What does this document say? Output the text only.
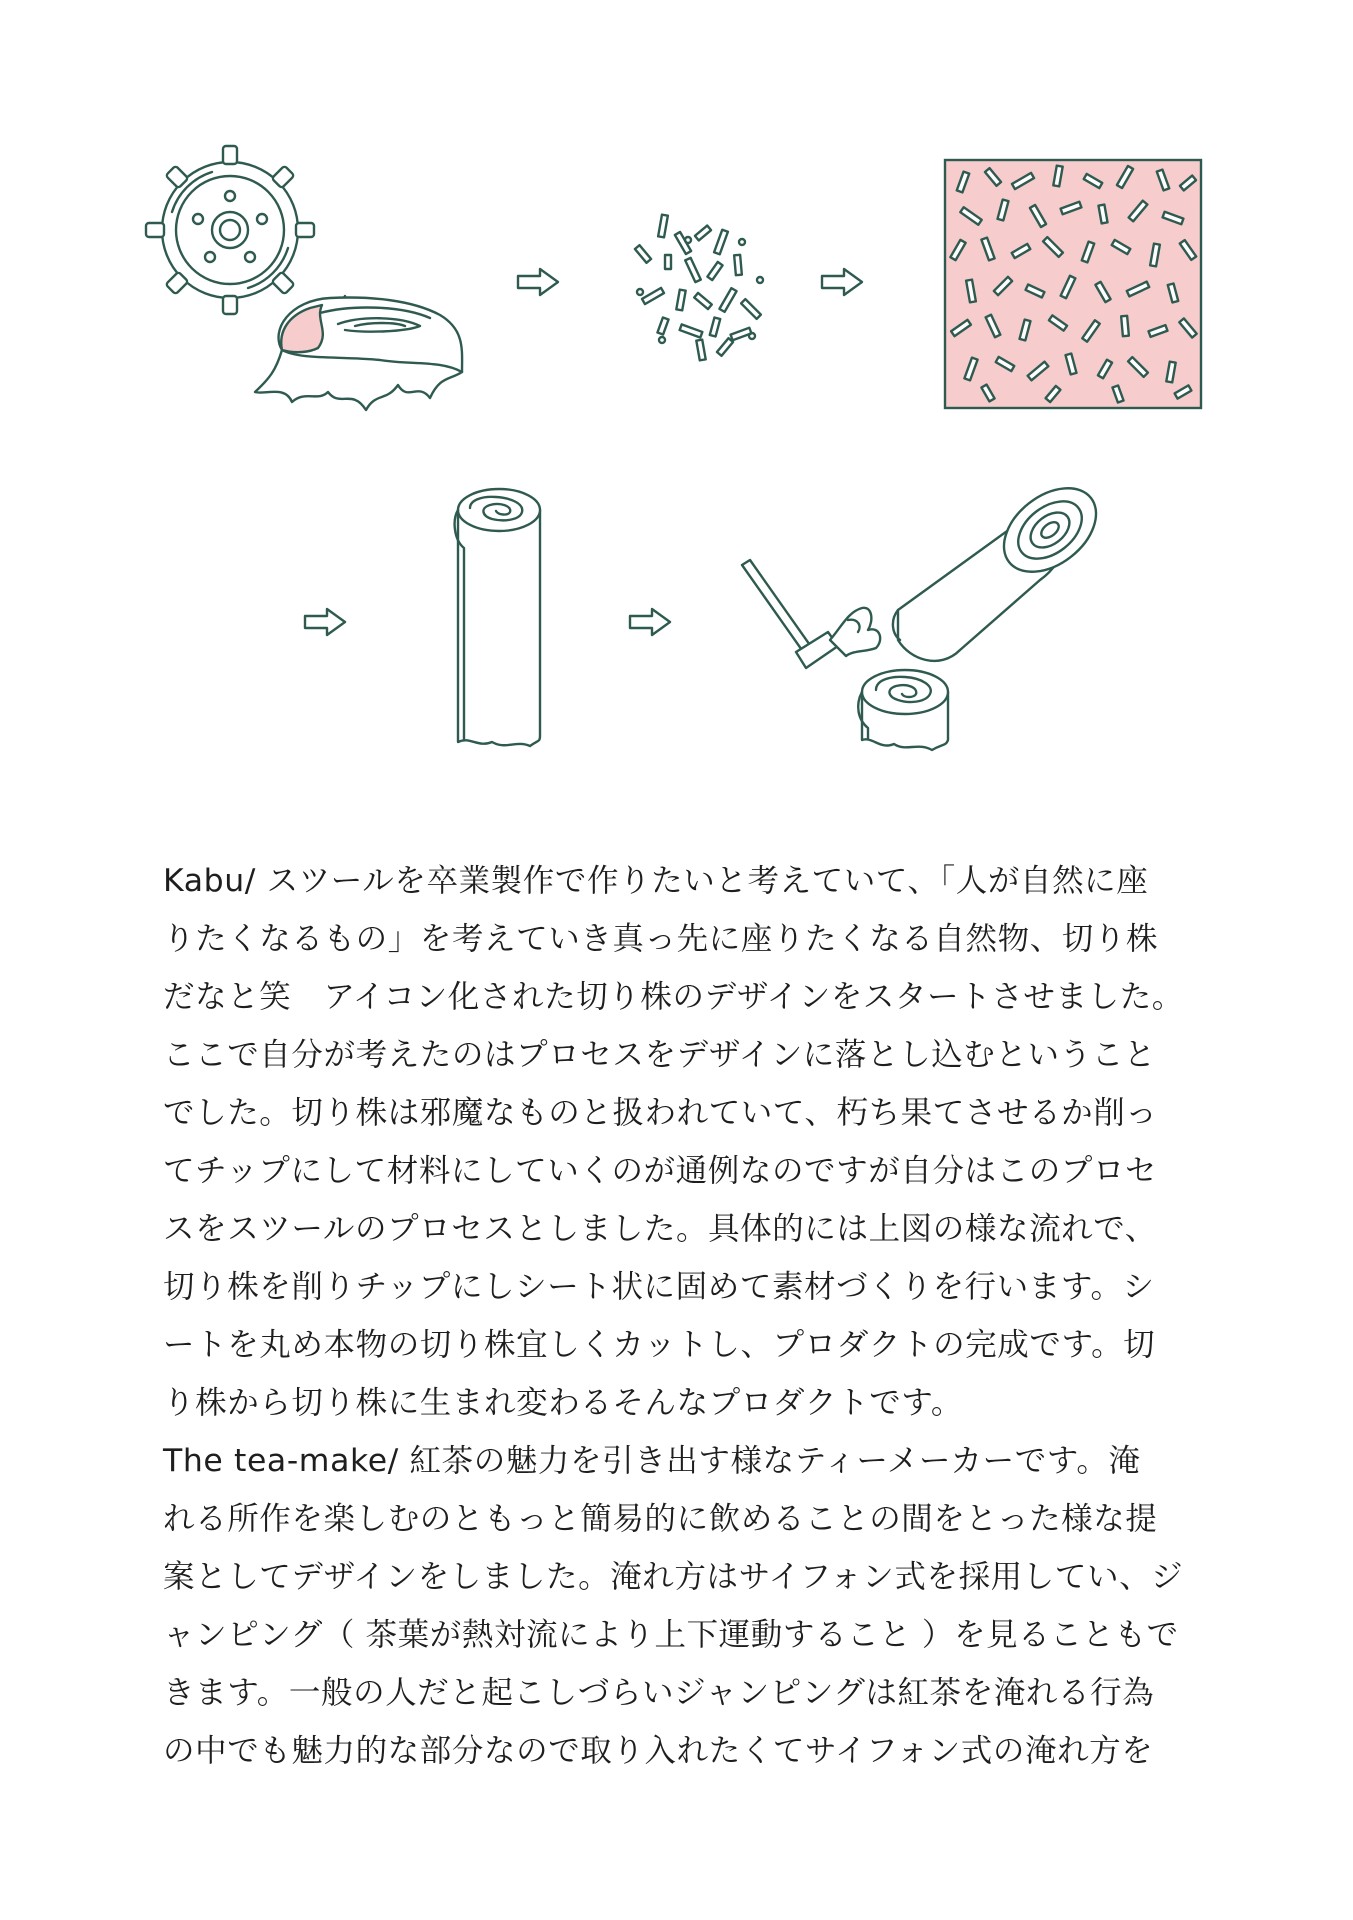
Kabu/ スツールを卒業製作で作りたいと考えていて、「人が自然に座
りたくなるもの」を考えていき真っ先に座りたくなる自然物、切り株
だなと笑　アイコン化された切り株のデザインをスタートさせました。
ここで自分が考えたのはプロセスをデザインに落とし込むということ
でした。切り株は邪魔なものと扱われていて、朽ち果てさせるか削っ
てチップにして材料にしていくのが通例なのですが自分はこのプロセ
スをスツールのプロセスとしました。具体的には上図の様な流れで、
切り株を削りチップにしシート状に固めて素材づくりを行います。シ
ートを丸め本物の切り株宜しくカットし、プロダクトの完成です。切
り株から切り株に生まれ変わるそんなプロダクトです。
The tea-make/ 紅茶の魅力を引き出す様なティーメーカーです。淹
れる所作を楽しむのともっと簡易的に飲めることの間をとった様な提
案としてデザインをしました。淹れ方はサイフォン式を採用してい、ジ
ャンピング（ 茶葉が熱対流により上下運動すること ）を見ることもで
きます。一般の人だと起こしづらいジャンピングは紅茶を淹れる行為
の中でも魅力的な部分なので取り入れたくてサイフォン式の淹れ方を
